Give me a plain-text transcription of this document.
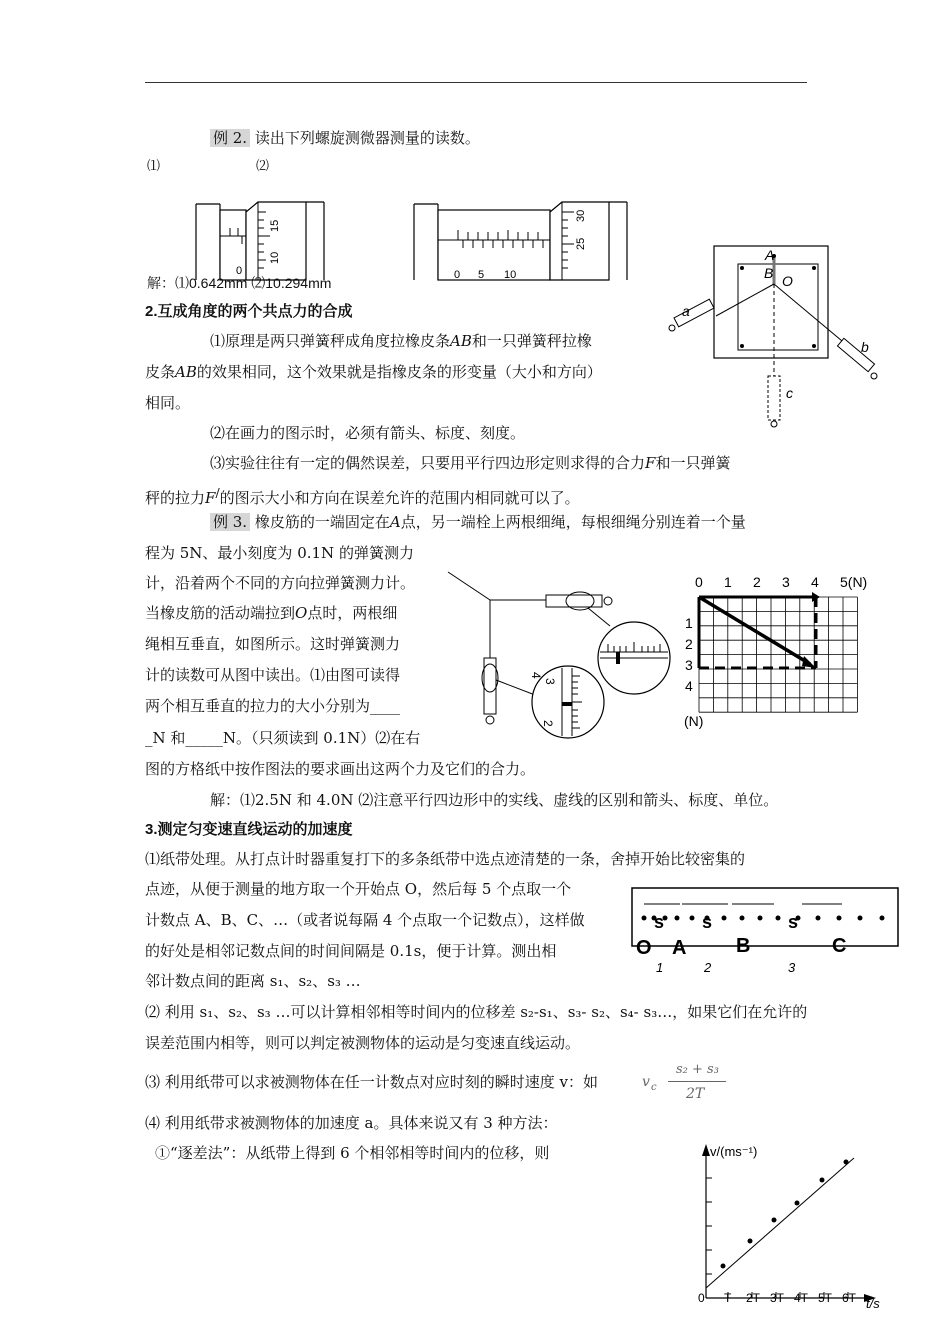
例 2. 读出下列螺旋测微器测量的读数。
⑴	⑵
15
10
0
30
25
0 5 10
解：⑴0.642mm ⑵10.294mm
A
B O
a
b
c
2.互成角度的两个共点力的合成
⑴原理是两只弹簧秤成角度拉橡皮条AB和一只弹簧秤拉橡
皮条AB的效果相同，这个效果就是指橡皮条的形变量（大小和方向）
相同。
⑵在画力的图示时，必须有箭头、标度、刻度。
⑶实验往往有一定的偶然误差，只要用平行四边形定则求得的合力F和一只弹簧
秤的拉力F/的图示大小和方向在误差允许的范围内相同就可以了。
例 3. 橡皮筋的一端固定在A点，另一端栓上两根细绳，每根细绳分别连着一个量
程为 5N、最小刻度为 0.1N 的弹簧测力
计，沿着两个不同的方向拉弹簧测力计。
当橡皮筋的活动端拉到O点时，两根细
绳相互垂直，如图所示。这时弹簧测力
计的读数可从图中读出。⑴由图可读得
两个相互垂直的拉力的大小分别为____
_N 和_____N。（只须读到 0.1N）⑵在右
图的方格纸中按作图法的要求画出这两个力及它们的合力。
解：⑴2.5N 和 4.0N ⑵注意平行四边形中的实线、虚线的区别和箭头、标度、单位。
3
4
2
0 1 2 3 4 5(N)
1
2
3
4
(N)
3.测定匀变速直线运动的加速度
⑴纸带处理。从打点计时器重复打下的多条纸带中选点迹清楚的一条，舍掉开始比较密集的
点迹，从便于测量的地方取一个开始点 O，然后每 5 个点取一个
计数点 A、B、C、…（或者说每隔 4 个点取一个记数点），这样做
的好处是相邻记数点间的时间间隔是 0.1s，便于计算。测出相
邻计数点间的距离 s₁、s₂、s₃ …
s s	s
O A B	C
1	2	3
⑵ 利用 s₁、s₂、s₃ …可以计算相邻相等时间内的位移差 s₂-s₁、s₃- s₂、s₄- s₃…，如果它们在允许的
误差范围内相等，则可以判定被测物体的运动是匀变速直线运动。
⑶ 利用纸带可以求被测物体在任一计数点对应时刻的瞬时速度 v：如	v c
s₂ + s₃
2T
⑷ 利用纸带求被测物体的加速度 a。具体来说又有 3 种方法：
①“逐差法”：从纸带上得到 6 个相邻相等时间内的位移，则	v/(ms⁻¹)
t/s
0 T 2T 3T 4T 5T 6T
